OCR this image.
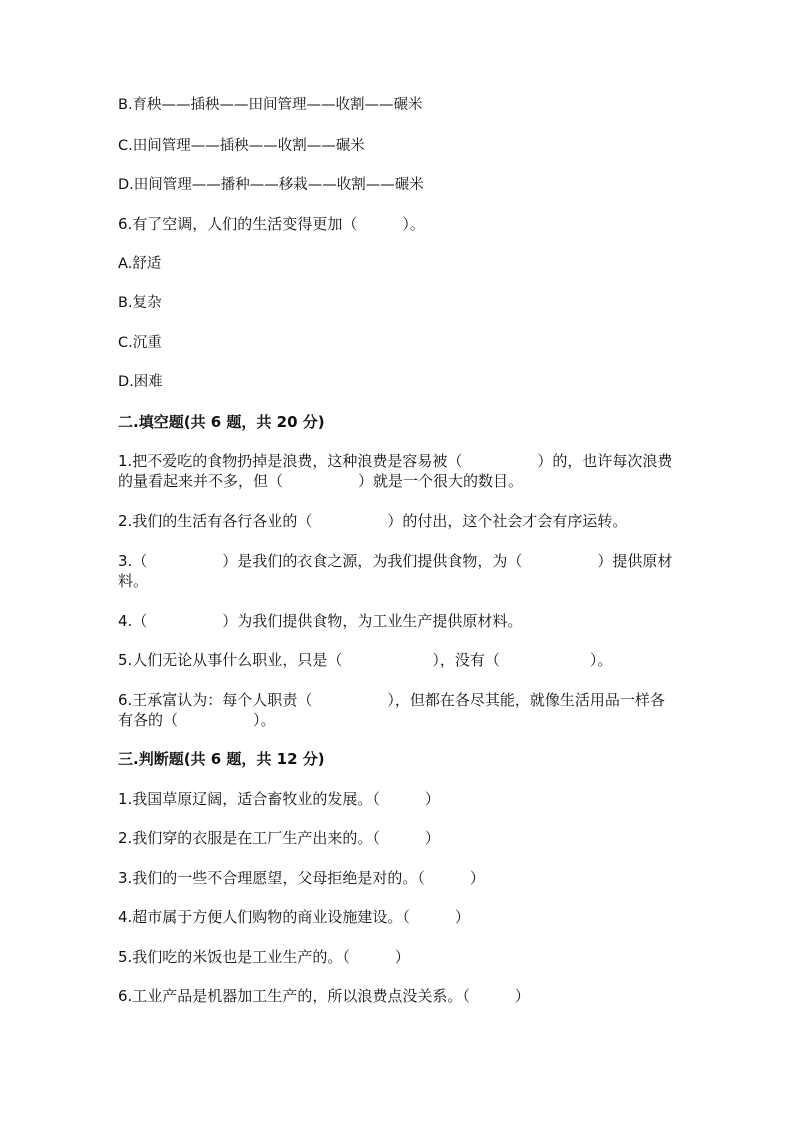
B.育秧——插秧——田间管理——收割——碾米
C.田间管理——插秧——收割——碾米
D.田间管理——播种——移栽——收割——碾米
6.有了空调，人们的生活变得更加（　　　）。
A.舒适
B.复杂
C.沉重
D.困难
二.填空题(共 6 题，共 20 分)
1.把不爱吃的食物扔掉是浪费，这种浪费是容易被（　　　　　）的，也许每次浪费的量看起来并不多，但（　　　　　）就是一个很大的数目。
2.我们的生活有各行各业的（　　　　　）的付出，这个社会才会有序运转。
3.（　　　　　）是我们的衣食之源，为我们提供食物，为（　　　　　）提供原材料。
4.（　　　　　）为我们提供食物，为工业生产提供原材料。
5.人们无论从事什么职业，只是（　　　　　　），没有（　　　　　　）。
6.王承富认为：每个人职责（　　　　　），但都在各尽其能，就像生活用品一样各有各的（　　　　　）。
三.判断题(共 6 题，共 12 分)
1.我国草原辽阔，适合畜牧业的发展。（　　　）
2.我们穿的衣服是在工厂生产出来的。（　　　）
3.我们的一些不合理愿望，父母拒绝是对的。（　　　）
4.超市属于方便人们购物的商业设施建设。（　　　）
5.我们吃的米饭也是工业生产的。（　　　）
6.工业产品是机器加工生产的，所以浪费点没关系。（　　　）
